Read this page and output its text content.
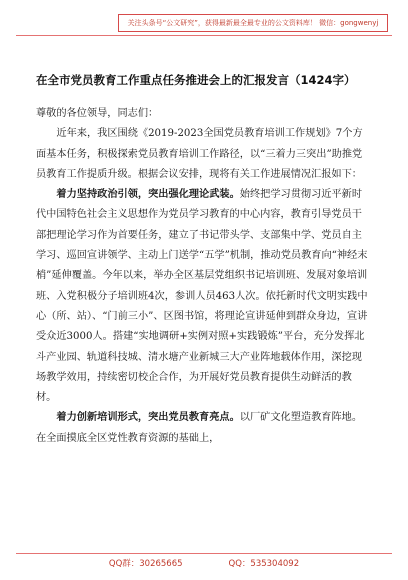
关注头条号“公文研究”，获得最新最全最专业的公文资料库！ 微信：gongwenyj
在全市党员教育工作重点任务推进会上的汇报发言（1424字）

尊敬的各位领导，同志们：

近年来，我区围绕《2019-2023全国党员教育培训工作规划》7个方面基本任务，积极探索党员教育培训工作路径，以“三着力三突出”助推党员教育工作提质升级。根据会议安排，现将有关工作进展情况汇报如下：

着力坚持政治引领，突出强化理论武装。始终把学习贯彻习近平新时代中国特色社会主义思想作为党员学习教育的中心内容，教育引导党员干部把理论学习作为首要任务，建立了书记带头学、支部集中学、党员自主学习、巡回宣讲领学、主动上门送学“五学”机制，推动党员教育向“神经末梢”延伸覆盖。今年以来，举办全区基层党组织书记培训班、发展对象培训班、入党积极分子培训班4次，参训人员463人次。依托新时代文明实践中心（所、站）、“门前三小”、区图书馆，将理论宣讲延伸到群众身边，宣讲受众近3000人。搭建“实地调研+实例对照+实践锻炼”平台，充分发挥北斗产业园、轨道科技城、清水塘产业新城三大产业阵地载体作用，深挖现场教学效用，持续密切校企合作，为开展好党员教育提供生动鲜活的教材。

着力创新培训形式，突出党员教育亮点。以厂矿文化塑造教育阵地。在全面摸底全区党性教育资源的基础上，

QQ群：30265665	QQ：535304092
